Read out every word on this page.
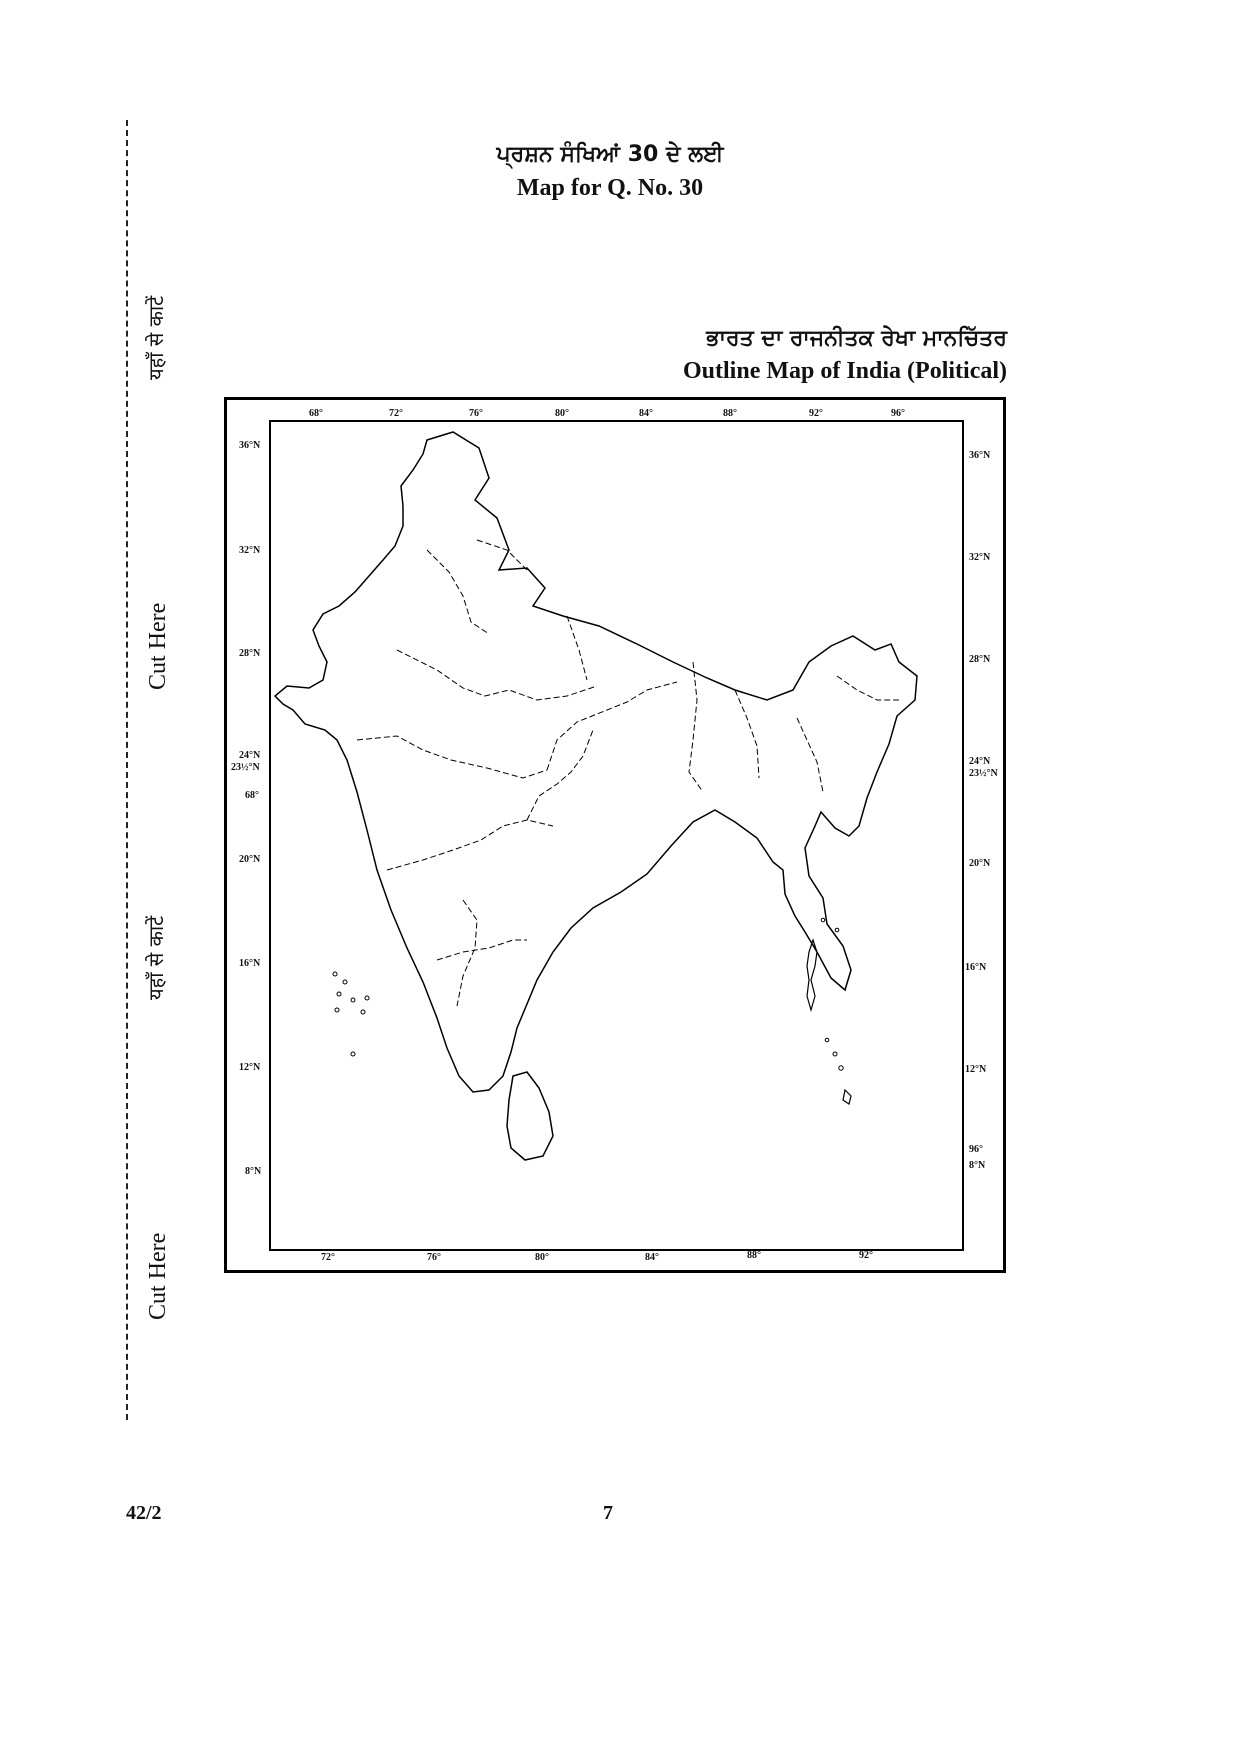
यहाँ से काटें
Cut Here
यहाँ से काटें
Cut Here
ਪ੍ਰਸ਼ਨ ਸੰਖਿਆਂ 30 ਦੇ ਲਈ
Map for Q. No. 30
ਭਾਰਤ ਦਾ ਰਾਜਨੀਤਕ ਰੇਖਾ ਮਾਨਚਿੱਤਰ
Outline Map of India (Political)
68°	72°	76°	80°	84°	88°	92°	96°
72°	76°	80°	84°	88°	92°
36°N
32°N
28°N
24°N
23½°N
68°
20°N
16°N
12°N
8°N
36°N
32°N
28°N
24°N
23½°N
20°N
16°N
12°N
96°
8°N
42/2	7
